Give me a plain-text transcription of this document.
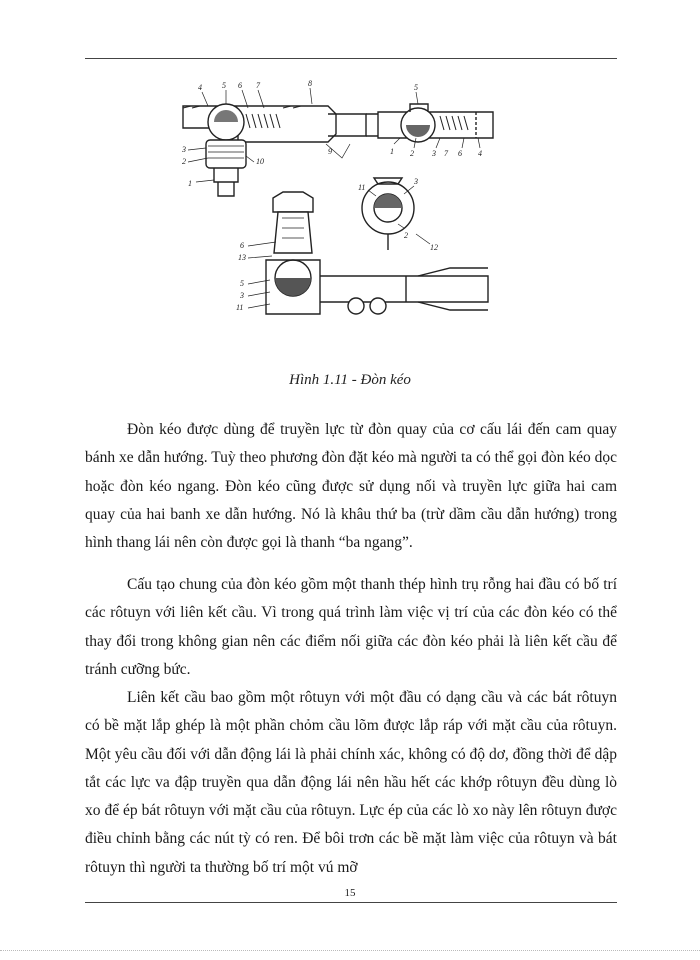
4	5 6 7	8
3
2	10
1
5
9	1 2 3 7 6 4
11
3
2
12
6
13
5
3
11
Hình 1.11 - Đòn kéo

Đòn kéo được dùng để truyền lực từ đòn quay của cơ cấu lái đến cam quay bánh xe dẫn hướng. Tuỳ theo phương đòn đặt kéo mà người ta có thể gọi đòn kéo dọc hoặc đòn kéo ngang. Đòn kéo cũng được sử dụng nối và truyền lực giữa hai cam quay của hai banh xe dẫn hướng. Nó là khâu thứ ba (trừ dầm cầu dẫn hướng) trong hình thang lái nên còn được gọi là thanh “ba ngang”.

Cấu tạo chung của đòn kéo gồm một thanh thép hình trụ rỗng hai đầu có bố trí các rôtuyn với liên kết cầu. Vì trong quá trình làm việc vị trí của các đòn kéo có thể thay đổi trong không gian nên các điểm nối giữa các đòn kéo phải là liên kết cầu để tránh cưỡng bức.

Liên kết cầu bao gồm một rôtuyn với một đầu có dạng cầu và các bát rôtuyn có bề mặt lắp ghép là một phần chỏm cầu lõm được lắp ráp với mặt cầu của rôtuyn. Một yêu cầu đối với dẫn động lái là phải chính xác, không có độ dơ, đồng thời để dập tắt các lực va đập truyền qua dẫn động lái nên hầu hết các khớp rôtuyn đều dùng lò xo để ép bát rôtuyn với mặt cầu của rôtuyn. Lực ép của các lò xo này lên rôtuyn được điều chỉnh bằng các nút tỳ có ren. Để bôi trơn các bề mặt làm việc của rôtuyn và bát rôtuyn thì người ta thường bố trí một vú mỡ

15
